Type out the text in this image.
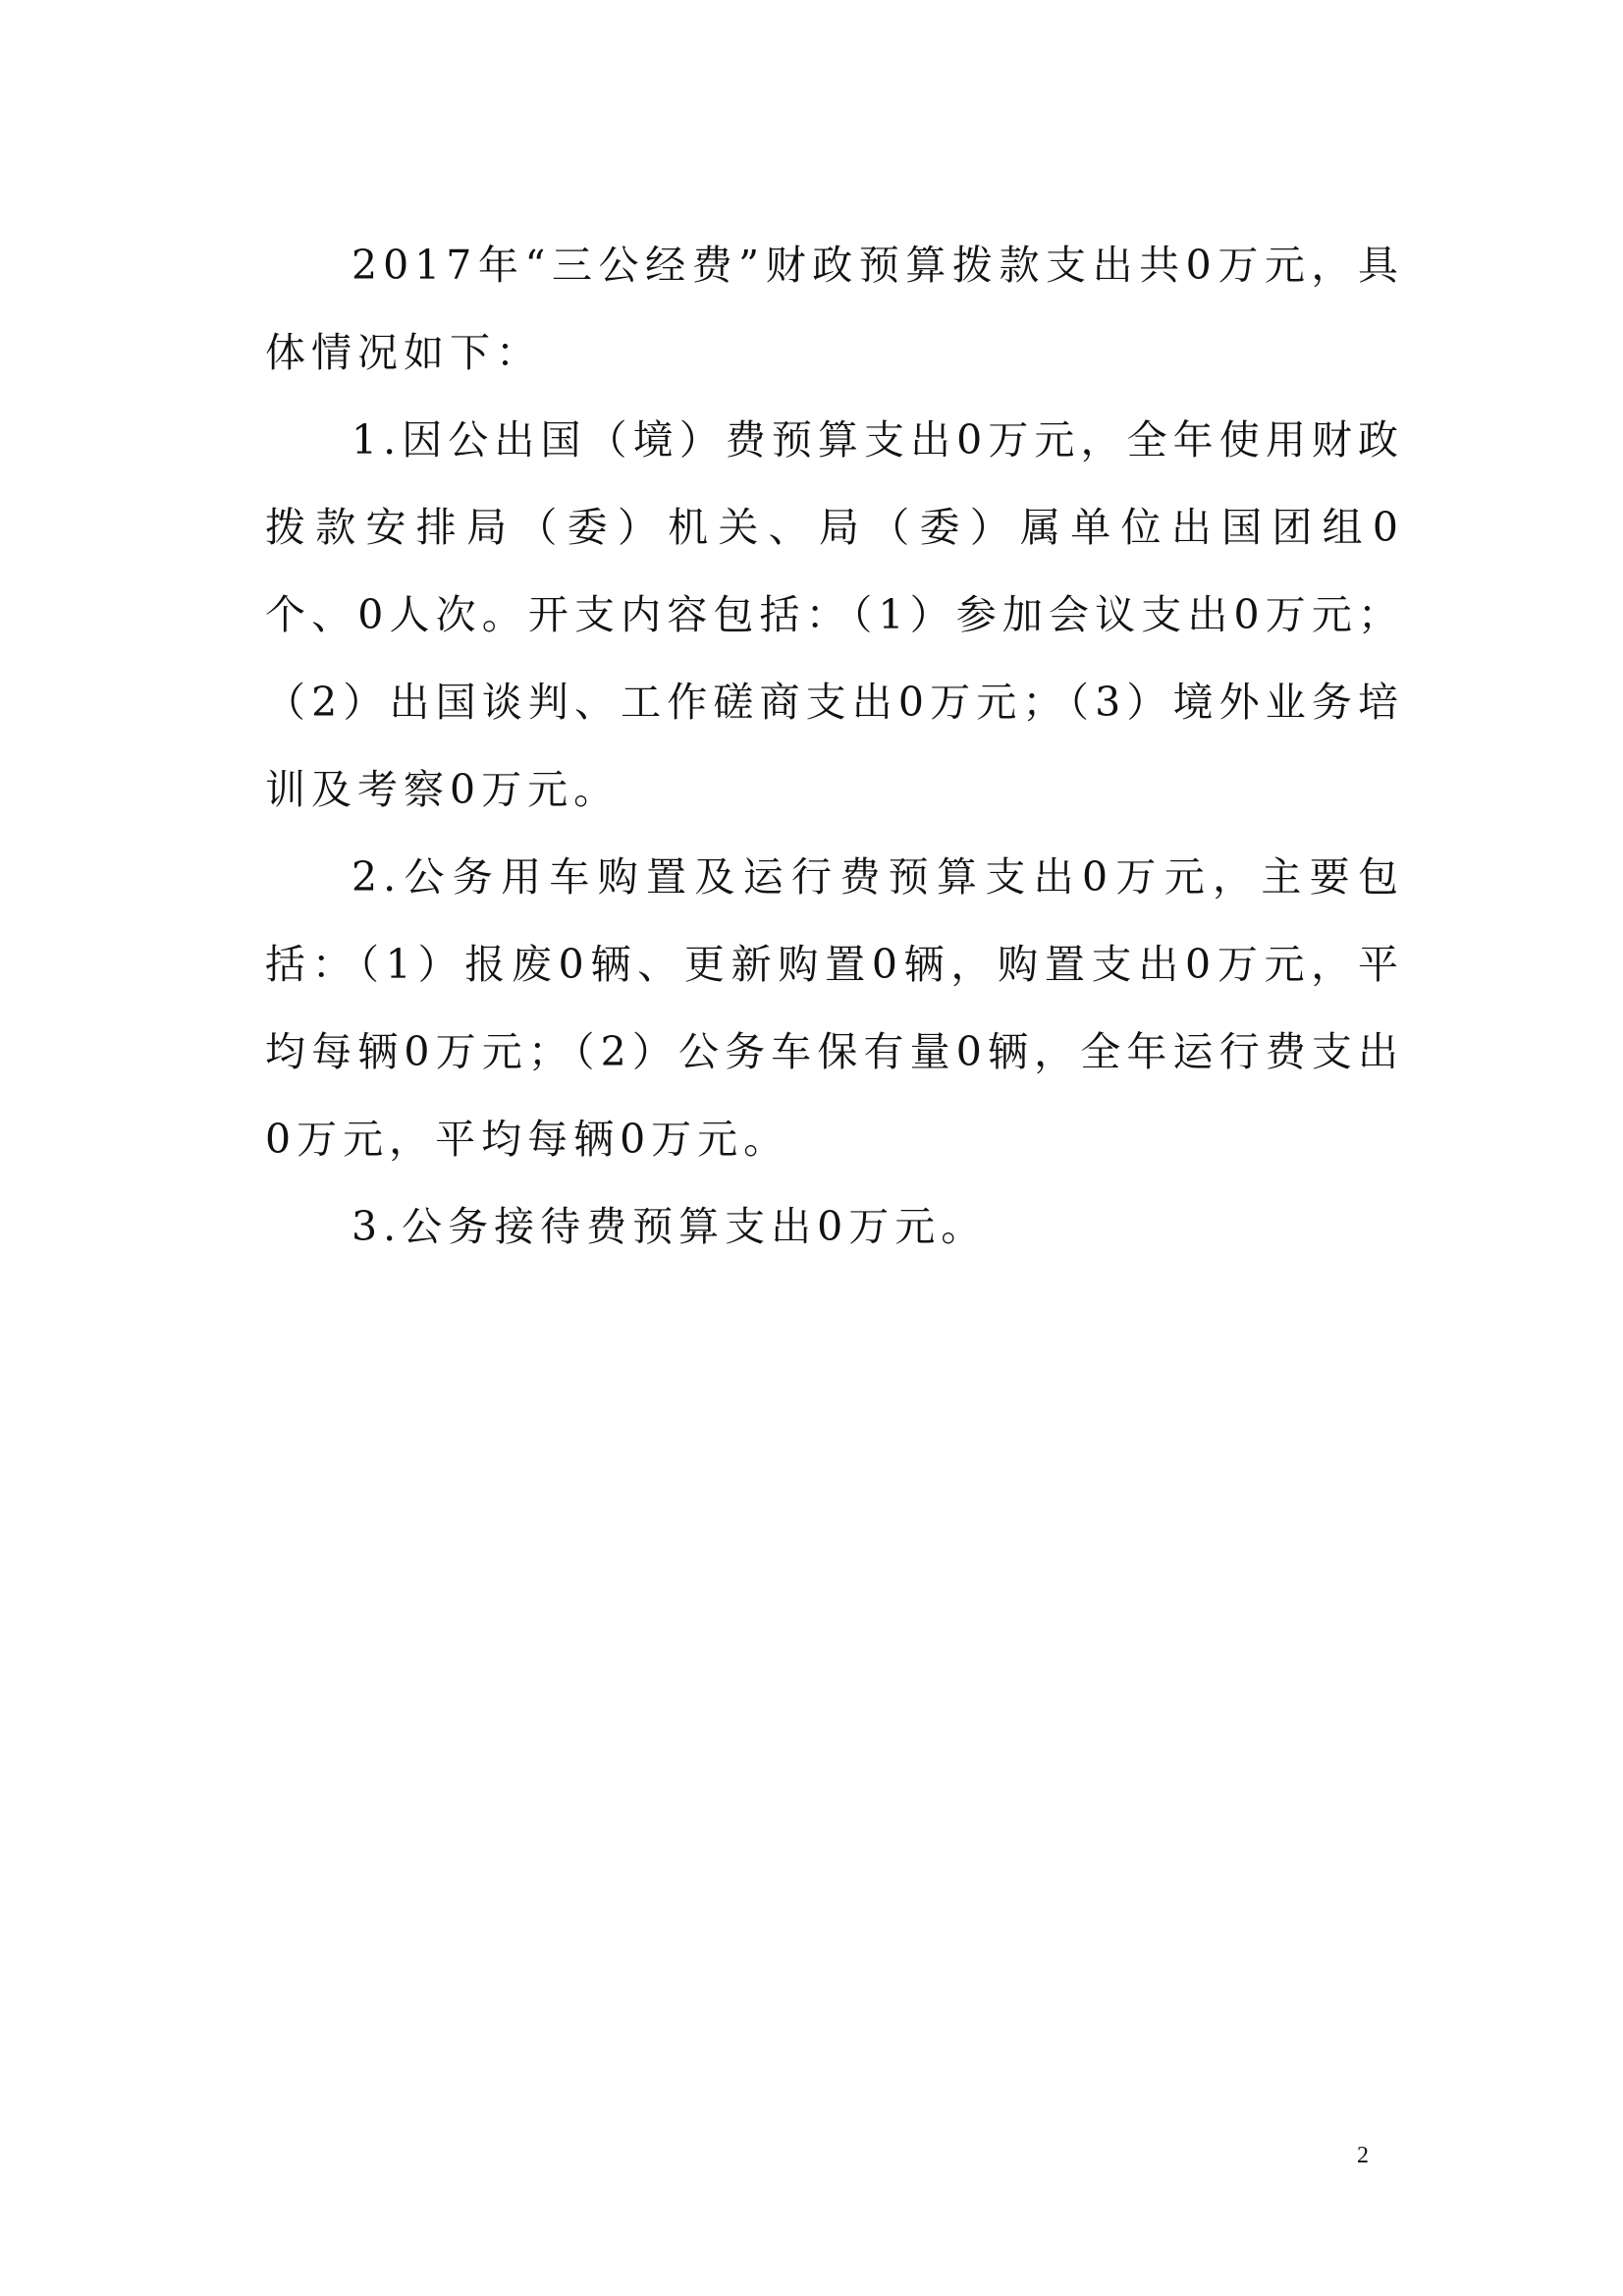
2017年“三公经费”财政预算拨款支出共0万元，具体情况如下：

1.因公出国（境）费预算支出0万元，全年使用财政拨款安排局（委）机关、局（委）属单位出国团组0个、0人次。开支内容包括：（1）参加会议支出0万元；（2）出国谈判、工作磋商支出0万元；（3）境外业务培训及考察0万元。

2.公务用车购置及运行费预算支出0万元，主要包括：（1）报废0辆、更新购置0辆，购置支出0万元，平均每辆0万元；（2）公务车保有量0辆，全年运行费支出0万元，平均每辆0万元。

3.公务接待费预算支出0万元。

2
